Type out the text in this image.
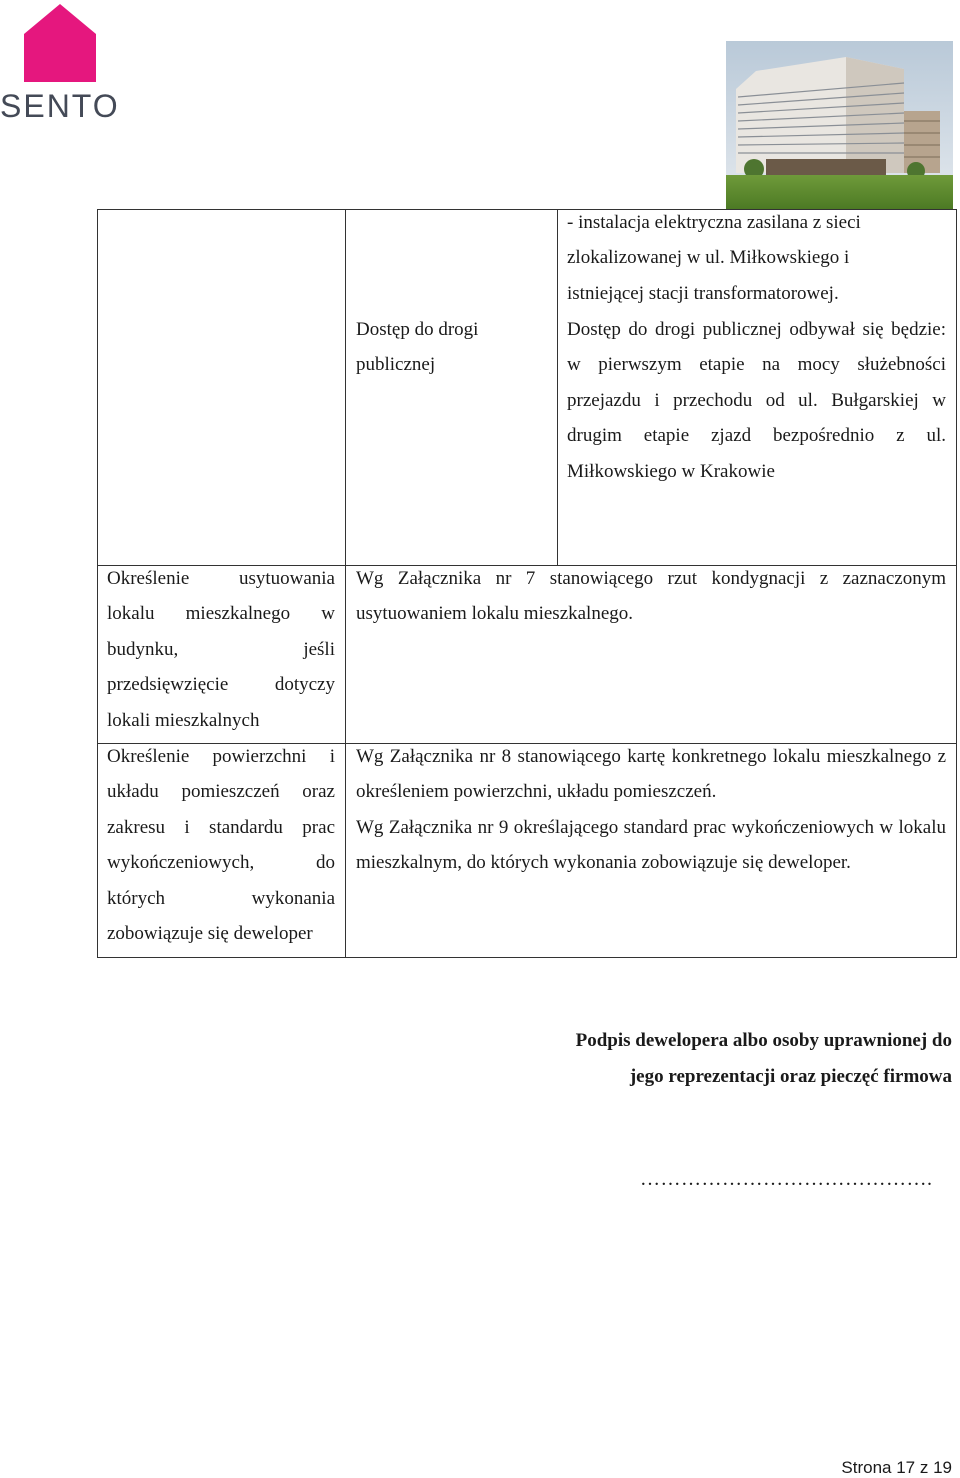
SENTO
- instalacja elektryczna zasilana z sieci zlokalizowanej w ul. Miłkowskiego i istniejącej stacji transformatorowej.
Dostęp do drogi publicznej
Dostęp do drogi publicznej odbywał się będzie: w pierwszym etapie na mocy służebności przejazdu i przechodu od ul. Bułgarskiej w drugim etapie zjazd bezpośrednio z ul. Miłkowskiego w Krakowie
Określenie usytuowania lokalu mieszkalnego w budynku, jeśli przedsięwzięcie dotyczy lokali mieszkalnych
Wg Załącznika nr 7 stanowiącego rzut kondygnacji z zaznaczonym usytuowaniem lokalu mieszkalnego.
Określenie powierzchni i układu pomieszczeń oraz zakresu i standardu prac wykończeniowych, do których wykonania zobowiązuje się deweloper
Wg Załącznika nr 8 stanowiącego kartę konkretnego lokalu mieszkalnego z określeniem powierzchni, układu pomieszczeń.
Wg Załącznika nr 9 określającego standard prac wykończeniowych w lokalu mieszkalnym, do których wykonania zobowiązuje się deweloper.
Podpis dewelopera albo osoby uprawnionej do
jego reprezentacji oraz pieczęć firmowa
…………………………………….
Strona 17 z 19
